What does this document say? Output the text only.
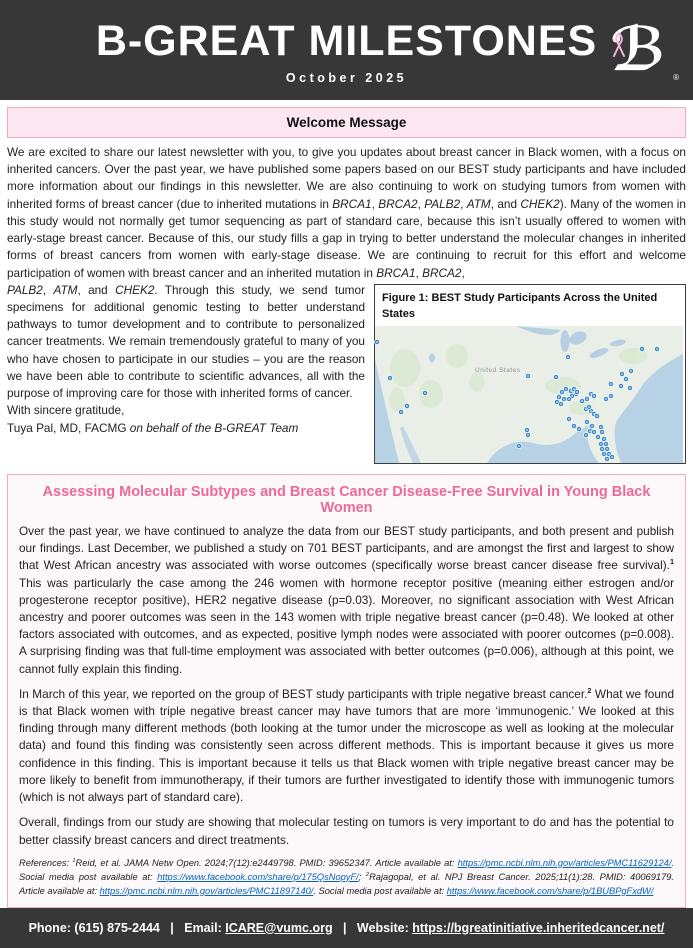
B-GREAT MILESTONES
October 2025	ℬ ®
Welcome Message

We are excited to share our latest newsletter with you, to give you updates about breast cancer in Black women, with a focus on inherited cancers. Over the past year, we have published some papers based on our BEST study participants and have included more information about our findings in this newsletter. We are also continuing to work on studying tumors from women with inherited forms of breast cancer (due to inherited mutations in BRCA1, BRCA2, PALB2, ATM, and CHEK2). Many of the women in this study would not normally get tumor sequencing as part of standard care, because this isn’t usually offered to women with early-stage breast cancer. Because of this, our study fills a gap in trying to better understand the molecular changes in inherited forms of breast cancers from women with early-stage disease. We are continuing to recruit for this effort and welcome participation of women with breast cancer and an inherited mutation in BRCA1, BRCA2,

Figure 1: BEST Study Participants Across the United States
United States

PALB2, ATM, and CHEK2. Through this study, we send tumor specimens for additional genomic testing to better understand pathways to tumor development and to contribute to personalized cancer treatments. We remain tremendously grateful to many of you who have chosen to participate in our studies – you are the reason we have been able to contribute to scientific advances, all with the purpose of improving care for those with inherited forms of cancer.

With sincere gratitude,

Tuya Pal, MD, FACMG on behalf of the B-GREAT Team

Assessing Molecular Subtypes and Breast Cancer Disease-Free Survival in Young Black Women

Over the past year, we have continued to analyze the data from our BEST study participants, and both present and publish our findings. Last December, we published a study on 701 BEST participants, and are amongst the first and largest to show that West African ancestry was associated with worse outcomes (specifically worse breast cancer disease free survival).$^1$ This was particularly the case among the 246 women with hormone receptor positive (meaning either estrogen and/or progesterone receptor positive), HER2 negative disease (p=0.03). Moreover, no significant association with West African ancestry and poorer outcomes was seen in the 143 women with triple negative breast cancer (p=0.48). We looked at other factors associated with outcomes, and as expected, positive lymph nodes were associated with poorer outcomes (p=0.008). A surprising finding was that full-time employment was associated with better outcomes (p=0.006), although at this point, we cannot fully explain this finding.

In March of this year, we reported on the group of BEST study participants with triple negative breast cancer.$^2$ What we found is that Black women with triple negative breast cancer may have tumors that are more ‘immunogenic.’ We looked at this finding through many different methods (both looking at the tumor under the microscope as well as looking at the molecular data) and found this finding was consistently seen across different methods. This is important because it gives us more confidence in this finding. This is important because it tells us that Black women with triple negative breast cancer may be more likely to benefit from immunotherapy, if their tumors are further investigated to identify those with immunogenic tumors (which is not always part of standard care).

Overall, findings from our study are showing that molecular testing on tumors is very important to do and has the potential to better classify breast cancers and direct treatments.

References: $^1$Reid, et al. JAMA Netw Open. 2024;7(12):e2449798. PMID: 39652347. Article available at: https://pmc.ncbi.nlm.nih.gov/articles/PMC11629124/. Social media post available at: https://www.facebook.com/share/p/175QsNopyF/; $^2$Rajagopal, et al. NPJ Breast Cancer. 2025;11(1):28. PMID: 40069179. Article available at: https://pmc.ncbi.nlm.nih.gov/articles/PMC11897140/. Social media post available at: https://www.facebook.com/share/p/1BUBPgFxdW/

Phone: (615) 875-2444 | Email: ICARE@vumc.org | Website: https://bgreatinitiative.inheritedcancer.net/
